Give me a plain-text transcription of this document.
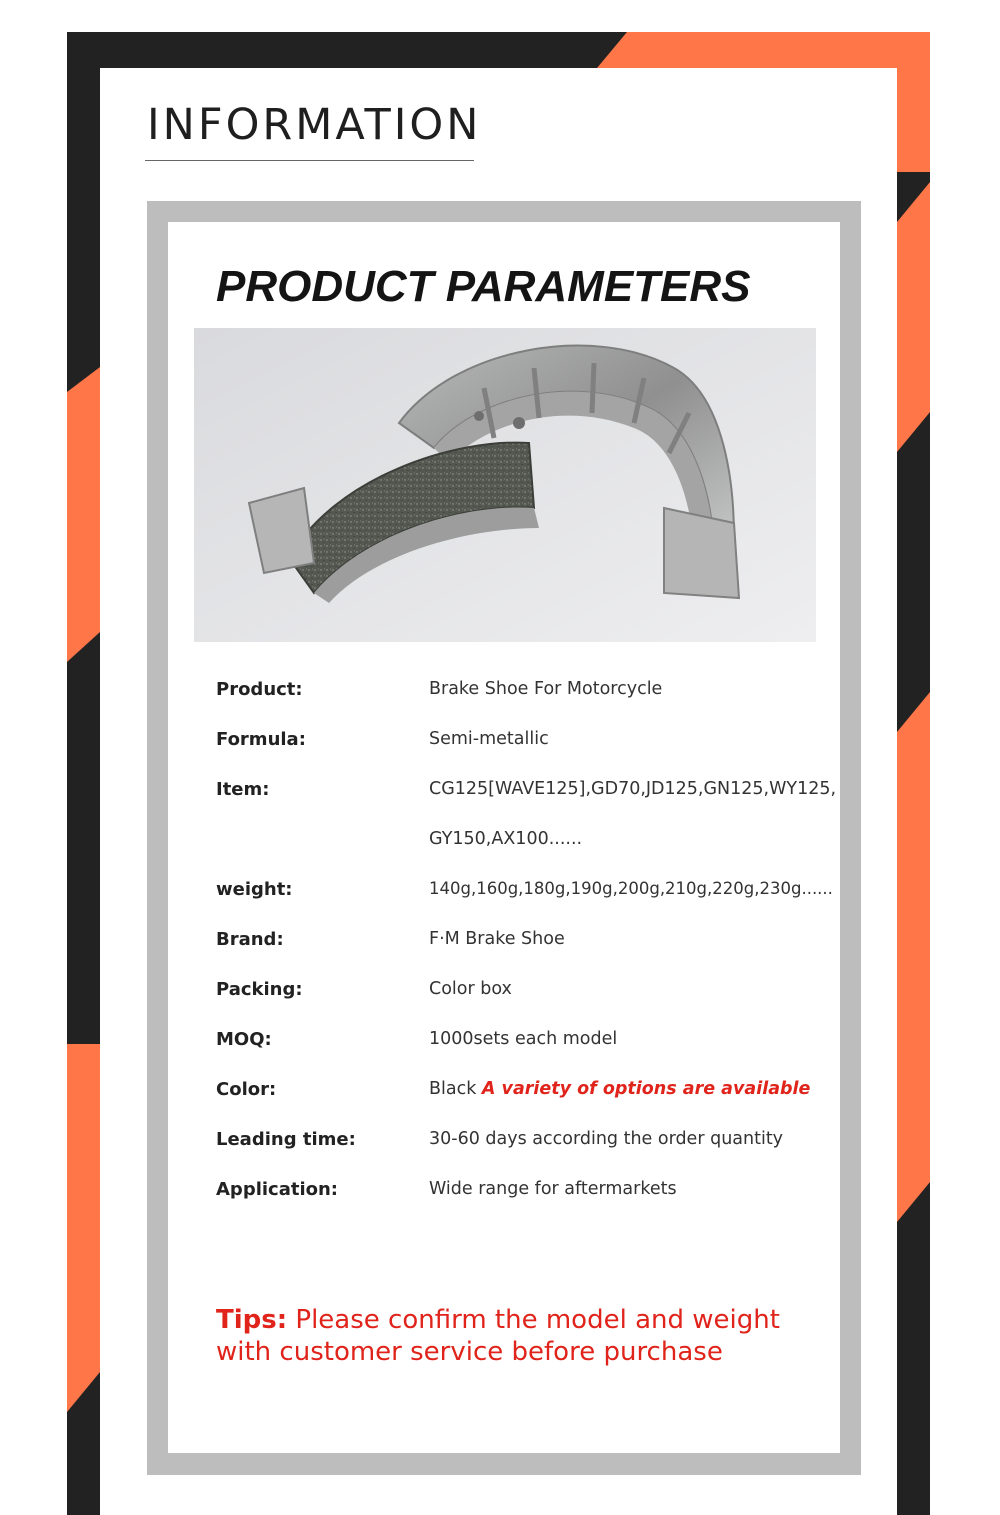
INFORMATION
PRODUCT PARAMETERS
Product:	Brake Shoe For Motorcycle
Formula:	Semi-metallic
Item:	CG125[WAVE125],GD70,JD125,GN125,WY125,
GY150,AX100......
weight:	140g,160g,180g,190g,200g,210g,220g,230g......
Brand:	F·M Brake Shoe
Packing:	Color box
MOQ:	1000sets each model
Color:	Black A variety of options are available
Leading time:	30-60 days according the order quantity
Application:	Wide range for aftermarkets
Tips: Please confirm the model and weight with customer service before purchase
